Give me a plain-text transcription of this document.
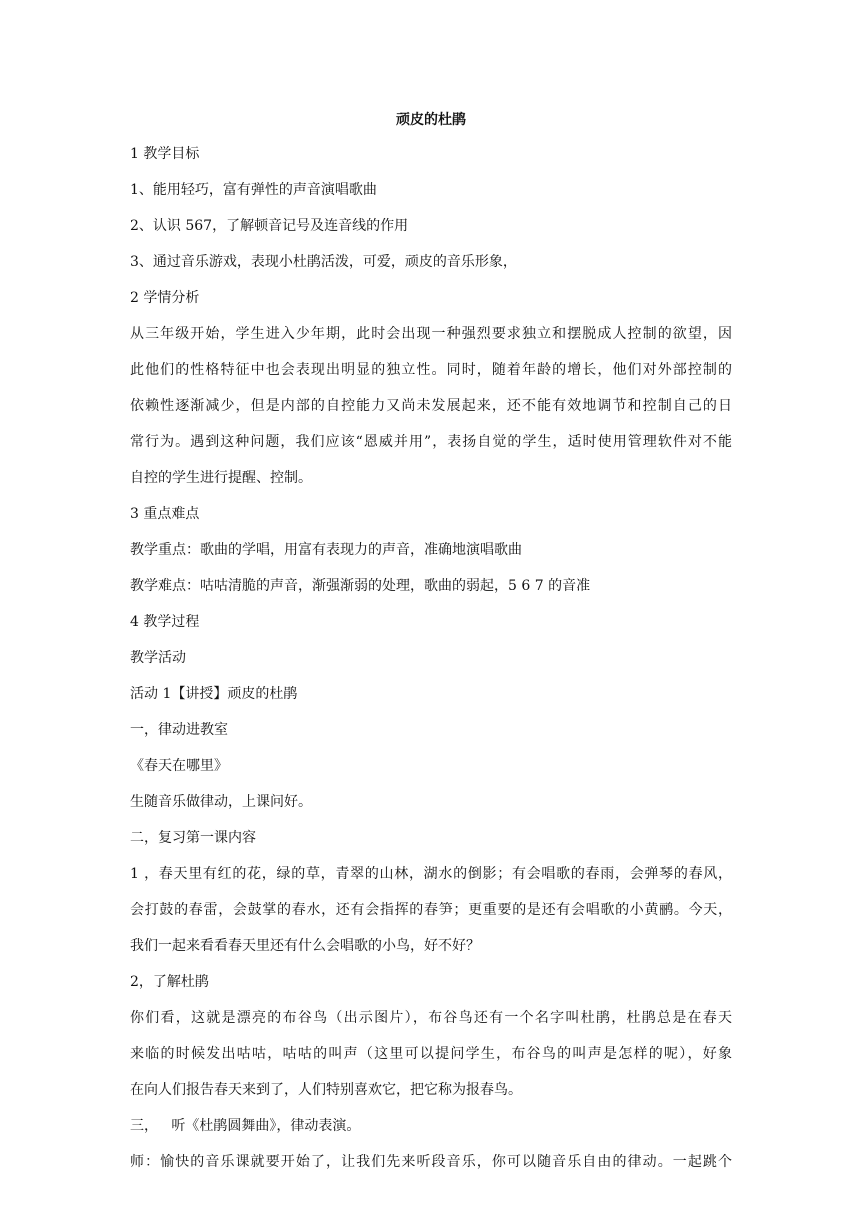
顽皮的杜鹃
1 教学目标
1、能用轻巧，富有弹性的声音演唱歌曲
2、认识 567，了解顿音记号及连音线的作用
3、通过音乐游戏，表现小杜鹃活泼，可爱，顽皮的音乐形象，
2 学情分析
从三年级开始，学生进入少年期，此时会出现一种强烈要求独立和摆脱成人控制的欲望，因
此他们的性格特征中也会表现出明显的独立性。同时，随着年龄的增长，他们对外部控制的
依赖性逐渐减少，但是内部的自控能力又尚未发展起来，还不能有效地调节和控制自己的日
常行为。遇到这种问题，我们应该“恩威并用”，表扬自觉的学生，适时使用管理软件对不能
自控的学生进行提醒、控制。
3 重点难点
教学重点：歌曲的学唱，用富有表现力的声音，准确地演唱歌曲
教学难点：咕咕清脆的声音，渐强渐弱的处理，歌曲的弱起，5 6 7 的音准
4 教学过程
教学活动
活动 1【讲授】顽皮的杜鹃
一，律动进教室
《春天在哪里》
生随音乐做律动，上课问好。
二，复习第一课内容
1 ，春天里有红的花，绿的草，青翠的山林，湖水的倒影；有会唱歌的春雨，会弹琴的春风，
会打鼓的春雷，会鼓掌的春水，还有会指挥的春笋；更重要的是还有会唱歌的小黄鹂。今天，
我们一起来看看春天里还有什么会唱歌的小鸟，好不好？
2，了解杜鹃
你们看，这就是漂亮的布谷鸟（出示图片），布谷鸟还有一个名字叫杜鹃，杜鹃总是在春天
来临的时候发出咕咕，咕咕的叫声（这里可以提问学生，布谷鸟的叫声是怎样的呢），好象
在向人们报告春天来到了，人们特别喜欢它，把它称为报春鸟。
三，   听《杜鹃圆舞曲》，律动表演。
师：愉快的音乐课就要开始了，让我们先来听段音乐，你可以随音乐自由的律动。一起跳个
